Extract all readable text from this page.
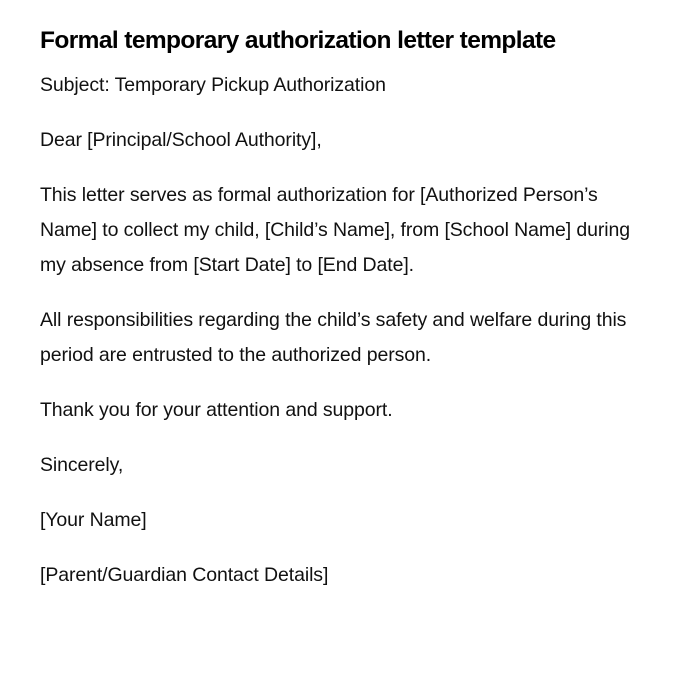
Formal temporary authorization letter template

Subject: Temporary Pickup Authorization

Dear [Principal/School Authority],

This letter serves as formal authorization for [Authorized Person’s Name] to collect my child, [Child’s Name], from [School Name] during my absence from [Start Date] to [End Date].

All responsibilities regarding the child’s safety and welfare during this period are entrusted to the authorized person.

Thank you for your attention and support.

Sincerely,

[Your Name]

[Parent/Guardian Contact Details]
